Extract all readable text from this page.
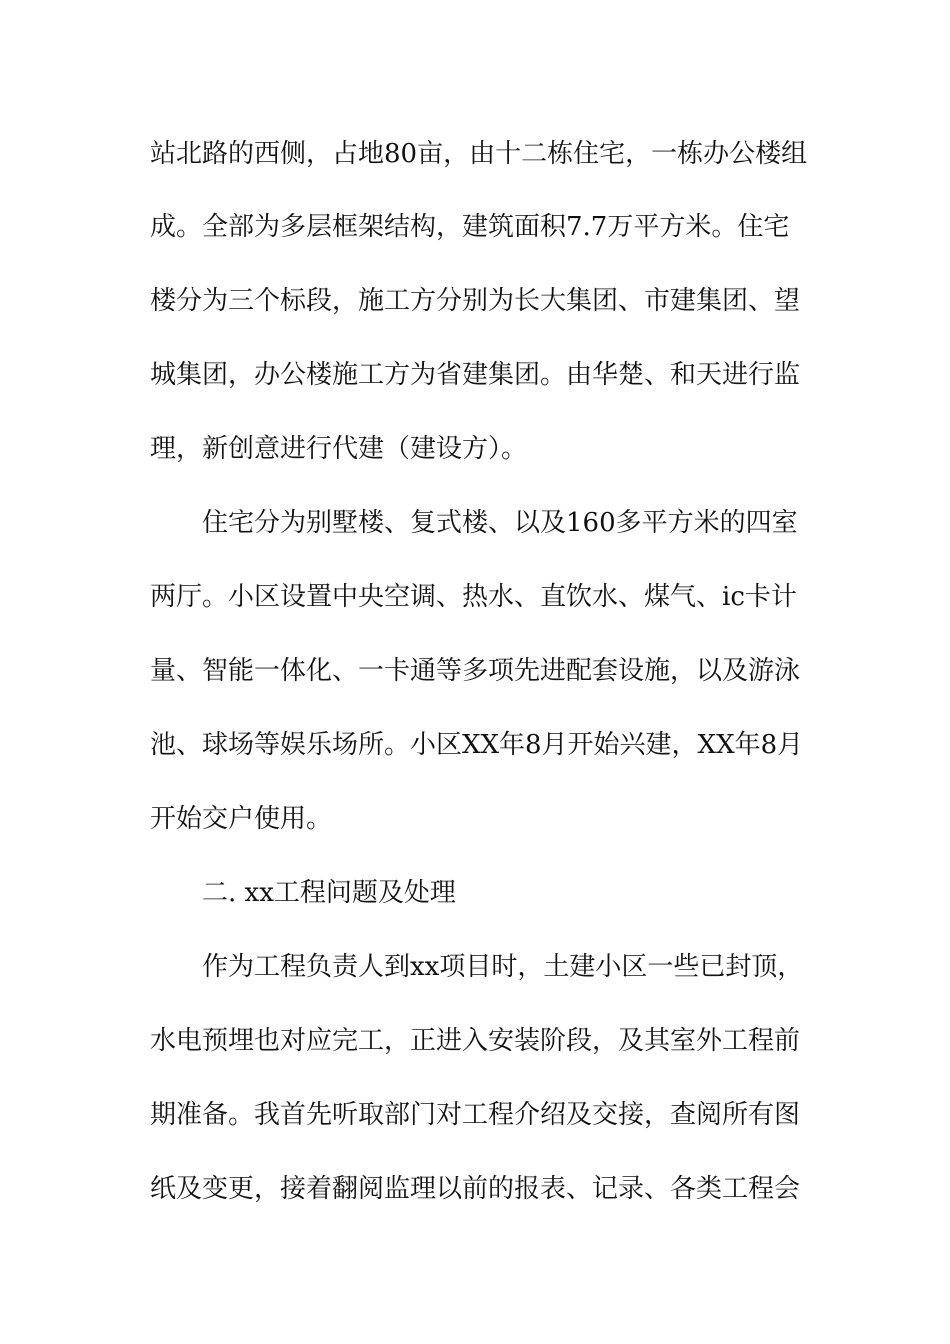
站北路的西侧，占地80亩，由十二栋住宅，一栋办公楼组
成。全部为多层框架结构，建筑面积7.7万平方米。住宅
楼分为三个标段，施工方分别为长大集团、市建集团、望
城集团，办公楼施工方为省建集团。由华楚、和天进行监
理，新创意进行代建（建设方）。
住宅分为别墅楼、复式楼、以及160多平方米的四室
两厅。小区设置中央空调、热水、直饮水、煤气、ic卡计
量、智能一体化、一卡通等多项先进配套设施，以及游泳
池、球场等娱乐场所。小区XX年8月开始兴建，XX年8月
开始交户使用。
二. xx工程问题及处理
作为工程负责人到xx项目时，土建小区一些已封顶，
水电预埋也对应完工，正进入安装阶段，及其室外工程前
期准备。我首先听取部门对工程介绍及交接，查阅所有图
纸及变更，接着翻阅监理以前的报表、记录、各类工程会
